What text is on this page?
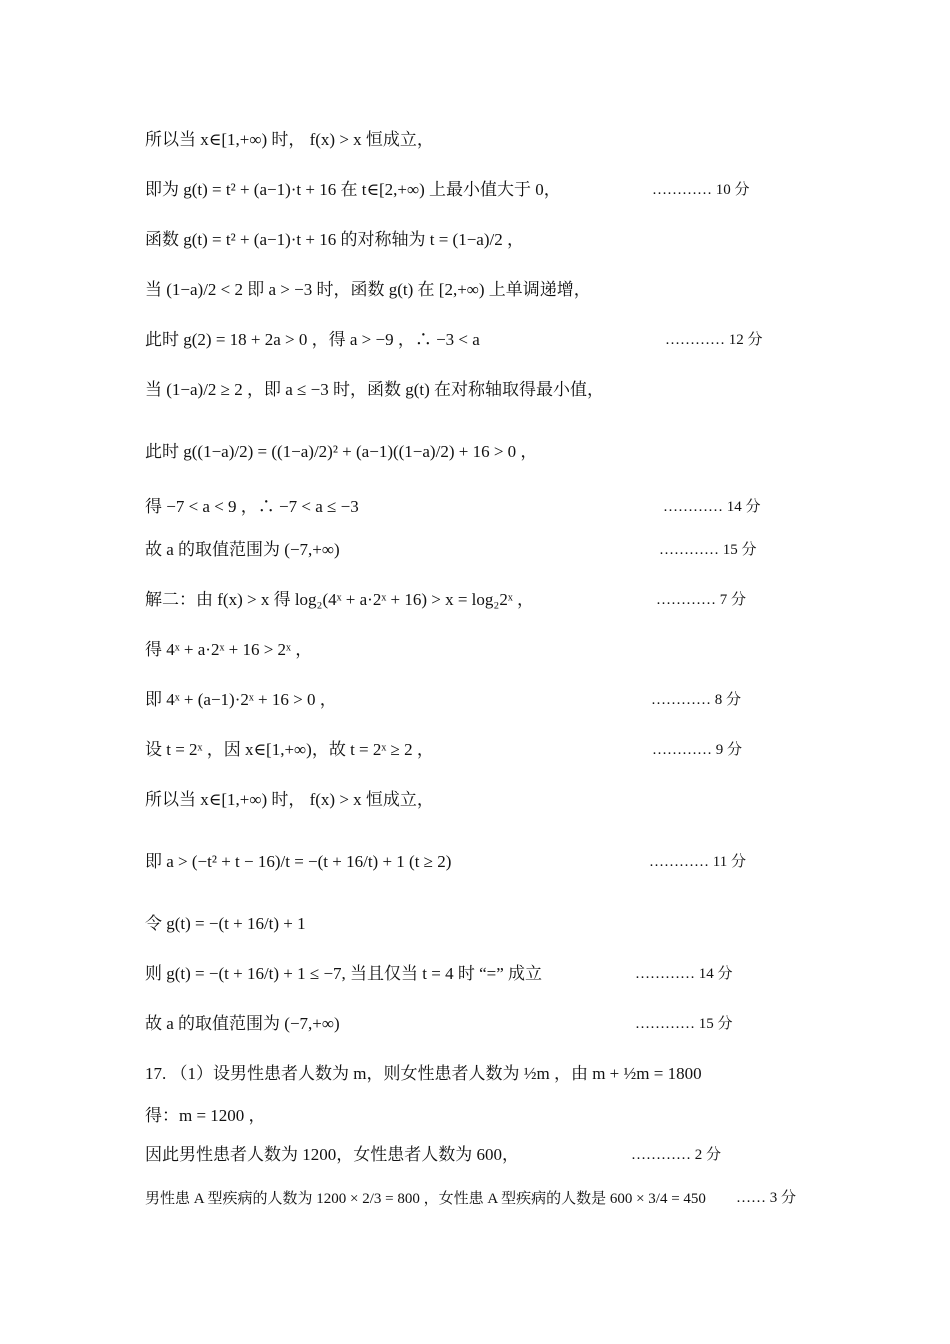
所以当 x∈[1,+∞) 时， f(x) > x 恒成立，
即为 g(t) = t² + (a−1)·t + 16 在 t∈[2,+∞) 上最小值大于 0，	………… 10 分
函数 g(t) = t² + (a−1)·t + 16 的对称轴为 t = (1−a)/2 ，
当 (1−a)/2 < 2 即 a > −3 时，函数 g(t) 在 [2,+∞) 上单调递增，
此时 g(2) = 18 + 2a > 0 ，得 a > −9 ，∴ −3 < a	………… 12 分
当 (1−a)/2 ≥ 2 ，即 a ≤ −3 时，函数 g(t) 在对称轴取得最小值，
此时 g((1−a)/2) = ((1−a)/2)² + (a−1)((1−a)/2) + 16 > 0 ，
得 −7 < a < 9 ，∴ −7 < a ≤ −3	………… 14 分
故 a 的取值范围为 (−7,+∞)	………… 15 分
解二：由 f(x) > x 得 log₂(4ˣ + a·2ˣ + 16) > x = log₂2ˣ ，	………… 7 分
得 4ˣ + a·2ˣ + 16 > 2ˣ ，
即 4ˣ + (a−1)·2ˣ + 16 > 0 ，	………… 8 分
设 t = 2ˣ ，因 x∈[1,+∞)，故 t = 2ˣ ≥ 2 ，	………… 9 分
所以当 x∈[1,+∞) 时， f(x) > x 恒成立，
即 a > (−t² + t − 16)/t = −(t + 16/t) + 1 (t ≥ 2)	………… 11 分
令 g(t) = −(t + 16/t) + 1
则 g(t) = −(t + 16/t) + 1 ≤ −7, 当且仅当 t = 4 时 “=” 成立	………… 14 分
故 a 的取值范围为 (−7,+∞)	………… 15 分
17. （1）设男性患者人数为 m，则女性患者人数为 ½m ，由 m + ½m = 1800
得：m = 1200 ，
因此男性患者人数为 1200，女性患者人数为 600，	………… 2 分
男性患 A 型疾病的人数为 1200 × 2/3 = 800 ，女性患 A 型疾病的人数是 600 × 3/4 = 450 …… 3 分
